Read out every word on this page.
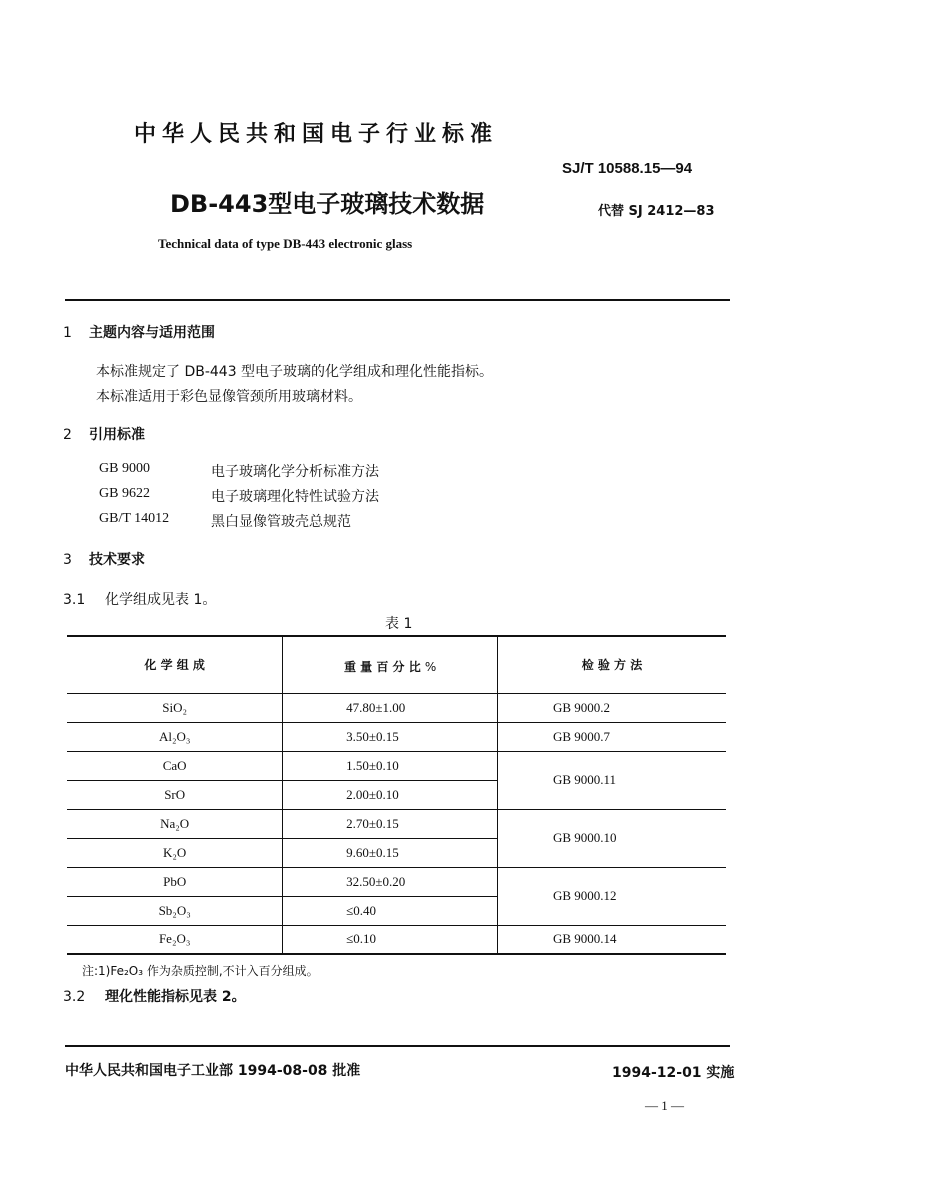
中华人民共和国电子行业标准
SJ/T 10588.15—94
DB-443型电子玻璃技术数据	代替 SJ 2412—83
Technical data of type DB-443 electronic glass
1 主题内容与适用范围
本标准规定了 DB-443 型电子玻璃的化学组成和理化性能指标。
本标准适用于彩色显像管颈所用玻璃材料。
2 引用标准
GB 9000	电子玻璃化学分析标准方法
GB 9622	电子玻璃理化特性试验方法
GB/T 14012	黑白显像管玻壳总规范
3 技术要求
3.1 化学组成见表 1。
表 1
化 学 组 成	重 量 百 分 比 %	检 验 方 法
SiO₂	47.80±1.00	GB 9000.2
Al₂O₃	3.50±0.15	GB 9000.7
CaO	1.50±0.10	GB 9000.11
SrO	2.00±0.10	
Na₂O	2.70±0.15	GB 9000.10
K₂O	9.60±0.15	
PbO	32.50±0.20	GB 9000.12
Sb₂O₃	≤0.40	
Fe₂O₃	≤0.10	GB 9000.14
注:1)Fe₂O₃ 作为杂质控制,不计入百分组成。
3.2 理化性能指标见表 2。
中华人民共和国电子工业部 1994-08-08 批准	1994-12-01 实施
— 1 —
